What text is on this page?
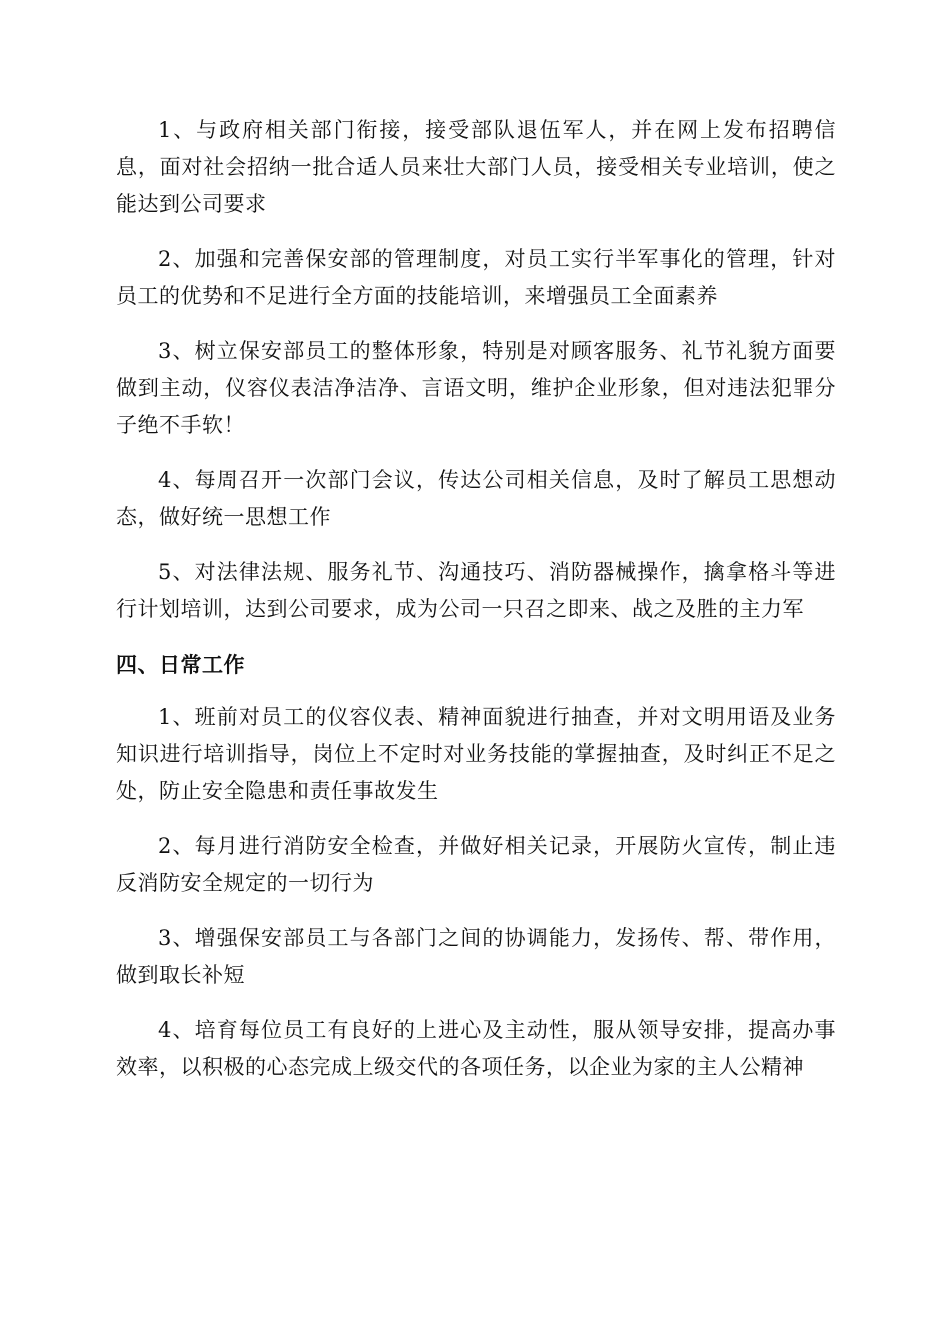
1、与政府相关部门衔接，接受部队退伍军人，并在网上发布招聘信息，面对社会招纳一批合适人员来壮大部门人员，接受相关专业培训，使之能达到公司要求

2、加强和完善保安部的管理制度，对员工实行半军事化的管理，针对员工的优势和不足进行全方面的技能培训，来增强员工全面素养

3、树立保安部员工的整体形象，特别是对顾客服务、礼节礼貌方面要做到主动，仪容仪表洁净洁净、言语文明，维护企业形象，但对违法犯罪分子绝不手软！

4、每周召开一次部门会议，传达公司相关信息，及时了解员工思想动态，做好统一思想工作

5、对法律法规、服务礼节、沟通技巧、消防器械操作，擒拿格斗等进行计划培训，达到公司要求，成为公司一只召之即来、战之及胜的主力军

四、日常工作

1、班前对员工的仪容仪表、精神面貌进行抽查，并对文明用语及业务知识进行培训指导，岗位上不定时对业务技能的掌握抽查，及时纠正不足之处，防止安全隐患和责任事故发生

2、每月进行消防安全检查，并做好相关记录，开展防火宣传，制止违反消防安全规定的一切行为

3、增强保安部员工与各部门之间的协调能力，发扬传、帮、带作用，做到取长补短

4、培育每位员工有良好的上进心及主动性，服从领导安排，提高办事效率，以积极的心态完成上级交代的各项任务，以企业为家的主人公精神
